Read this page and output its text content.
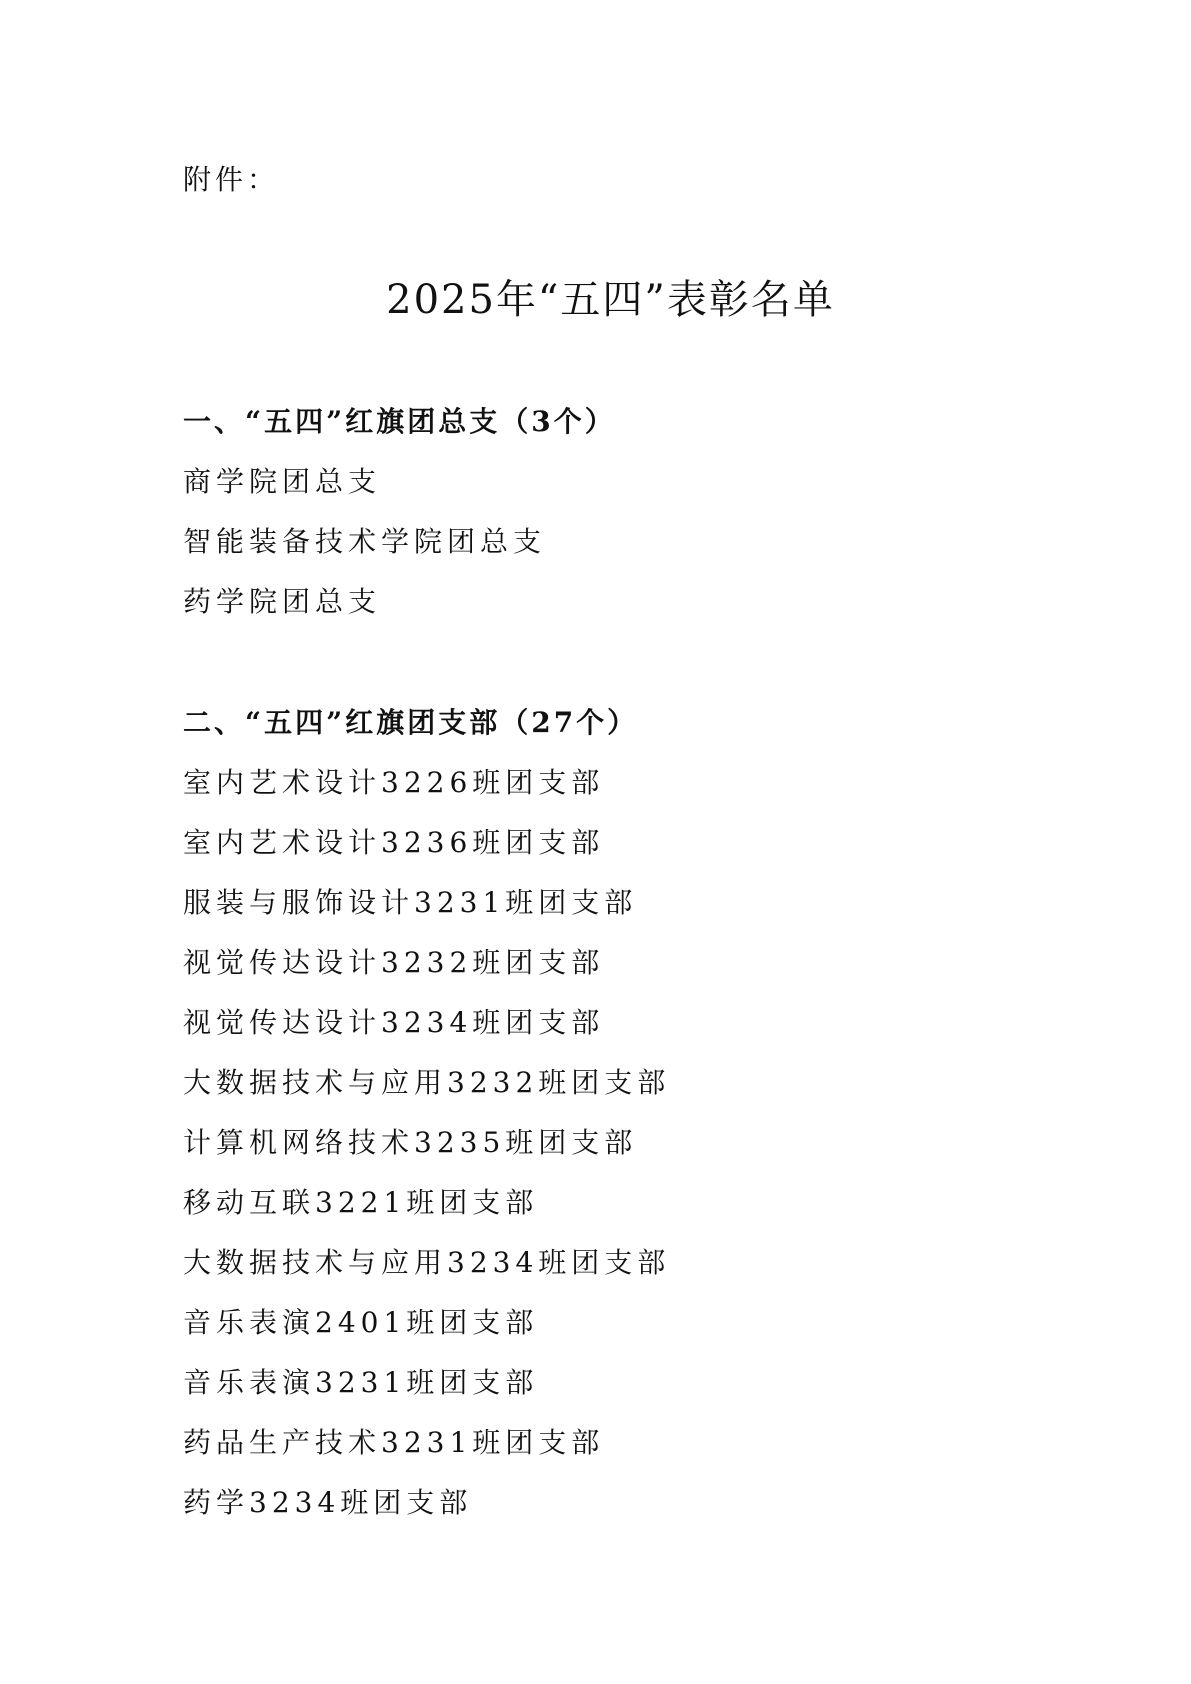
附件：
2025年“五四”表彰名单
一、“五四”红旗团总支（3个）
商学院团总支
智能装备技术学院团总支
药学院团总支
二、“五四”红旗团支部（27个）
室内艺术设计3226班团支部
室内艺术设计3236班团支部
服装与服饰设计3231班团支部
视觉传达设计3232班团支部
视觉传达设计3234班团支部
大数据技术与应用3232班团支部
计算机网络技术3235班团支部
移动互联3221班团支部
大数据技术与应用3234班团支部
音乐表演2401班团支部
音乐表演3231班团支部
药品生产技术3231班团支部
药学3234班团支部
